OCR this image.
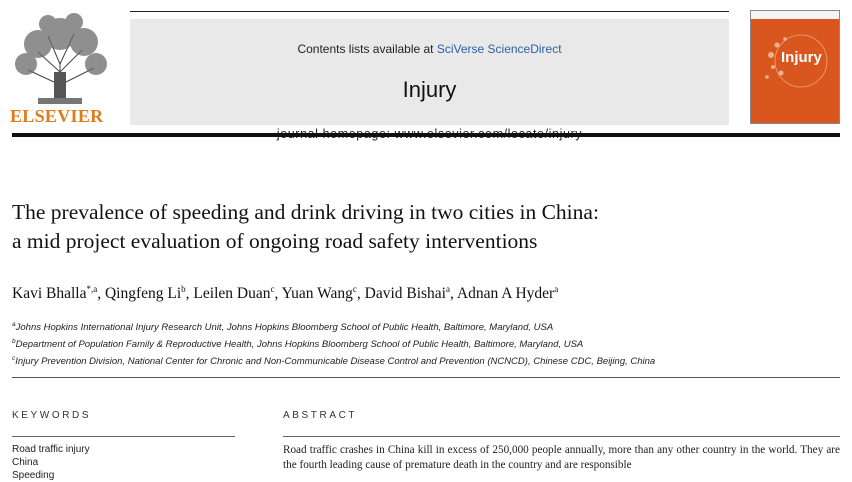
ELSEVIER
Contents lists available at SciVerse ScienceDirect
Injury
Injury
The prevalence of speeding and drink driving in two cities in China:
a mid project evaluation of ongoing road safety interventions
Kavi Bhalla$^{*,a}$, Qingfeng Li$^b$, Leilen Duan$^c$, Yuan Wang$^c$, David Bishai$^a$, Adnan A Hyder$^a$
$^a$Johns Hopkins International Injury Research Unit, Johns Hopkins Bloomberg School of Public Health, Baltimore, Maryland, USA
$^b$Department of Population Family & Reproductive Health, Johns Hopkins Bloomberg School of Public Health, Baltimore, Maryland, USA
$^c$Injury Prevention Division, National Center for Chronic and Non-Communicable Disease Control and Prevention (NCNCD), Chinese CDC, Beijing, China
KEYWORDS
Road traffic injury
China
Speeding
ABSTRACT
Road traffic crashes in China kill in excess of 250,000 people annually, more than any other country in the world. They are the fourth leading cause of premature death in the country and are responsible
